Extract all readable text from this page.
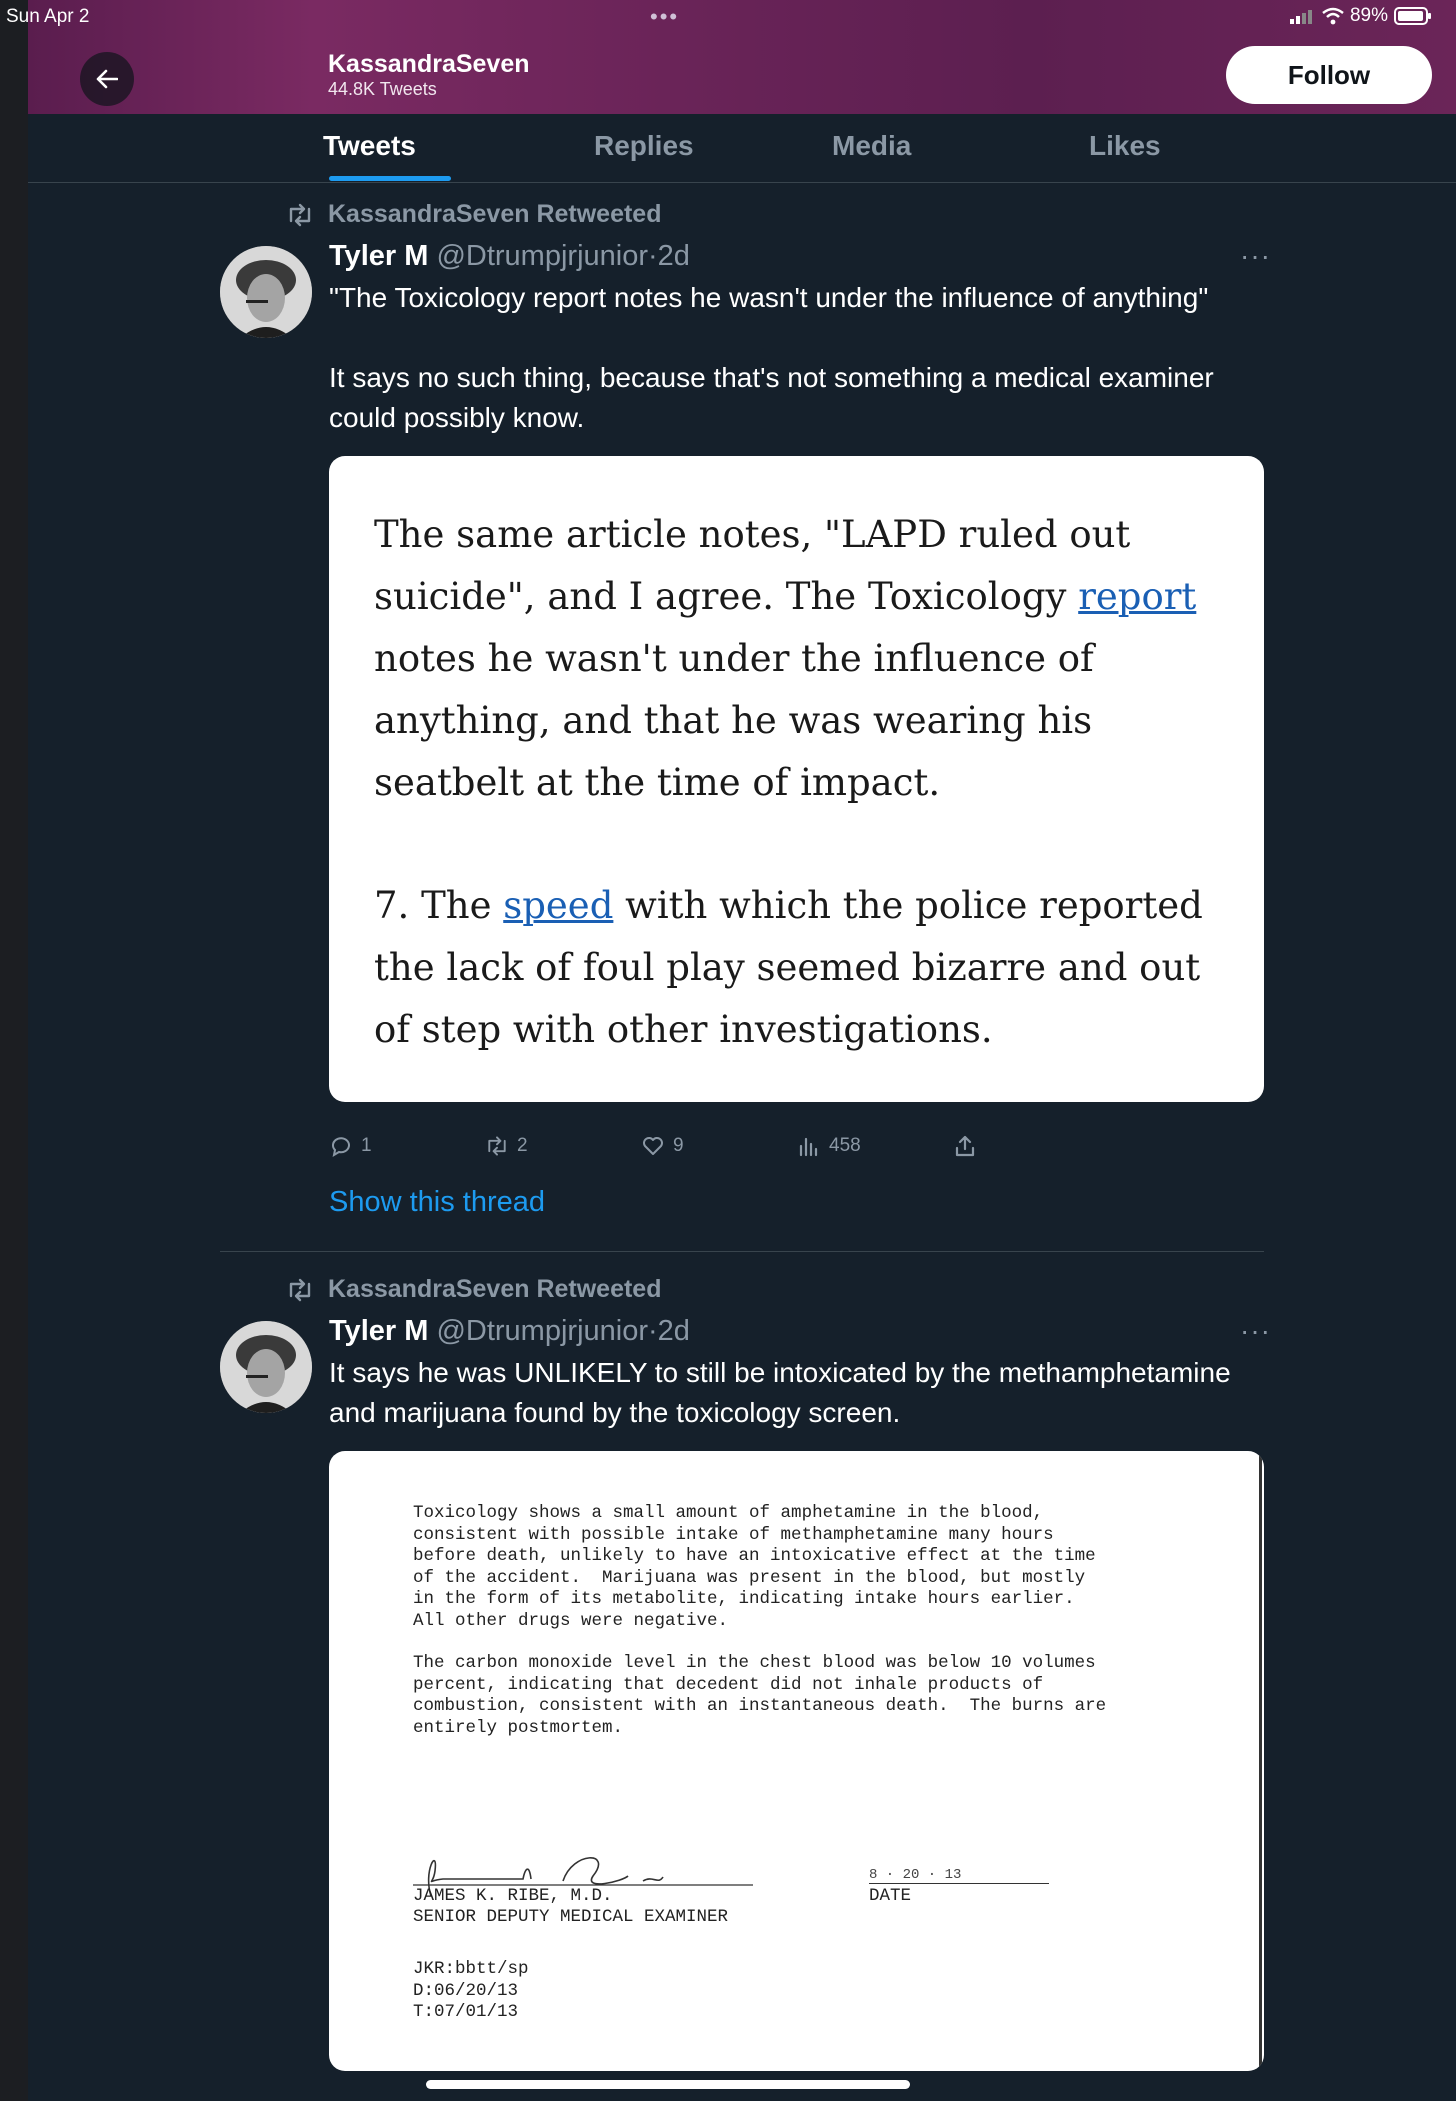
Sun Apr 2	•••	89%
KassandraSeven
44.8K Tweets	Follow
Tweets	Replies	Media	Likes
KassandraSeven Retweeted
Tyler M @Dtrumpjrjunior·2d	···
"The Toxicology report notes he wasn't under the influence of anything"
It says no such thing, because that's not something a medical examiner could possibly know.
The same article notes, "LAPD ruled out suicide", and I agree. The Toxicology report notes he wasn't under the influence of anything, and that he was wearing his seatbelt at the time of impact.
7. The speed with which the police reported the lack of foul play seemed bizarre and out of step with other investigations.
1	2	9	458
Show this thread
KassandraSeven Retweeted
Tyler M @Dtrumpjrjunior·2d	···
It says he was UNLIKELY to still be intoxicated by the methamphetamine and marijuana found by the toxicology screen.
Toxicology shows a small amount of amphetamine in the blood,
consistent with possible intake of methamphetamine many hours
before death, unlikely to have an intoxicative effect at the time
of the accident.  Marijuana was present in the blood, but mostly
in the form of its metabolite, indicating intake hours earlier.
All other drugs were negative.
The carbon monoxide level in the chest blood was below 10 volumes
percent, indicating that decedent did not inhale products of
combustion, consistent with an instantaneous death.  The burns are
entirely postmortem.
JAMES K. RIBE, M.D.
SENIOR DEPUTY MEDICAL EXAMINER
8 · 20 · 13
DATE
JKR:bbtt/sp
D:06/20/13
T:07/01/13
